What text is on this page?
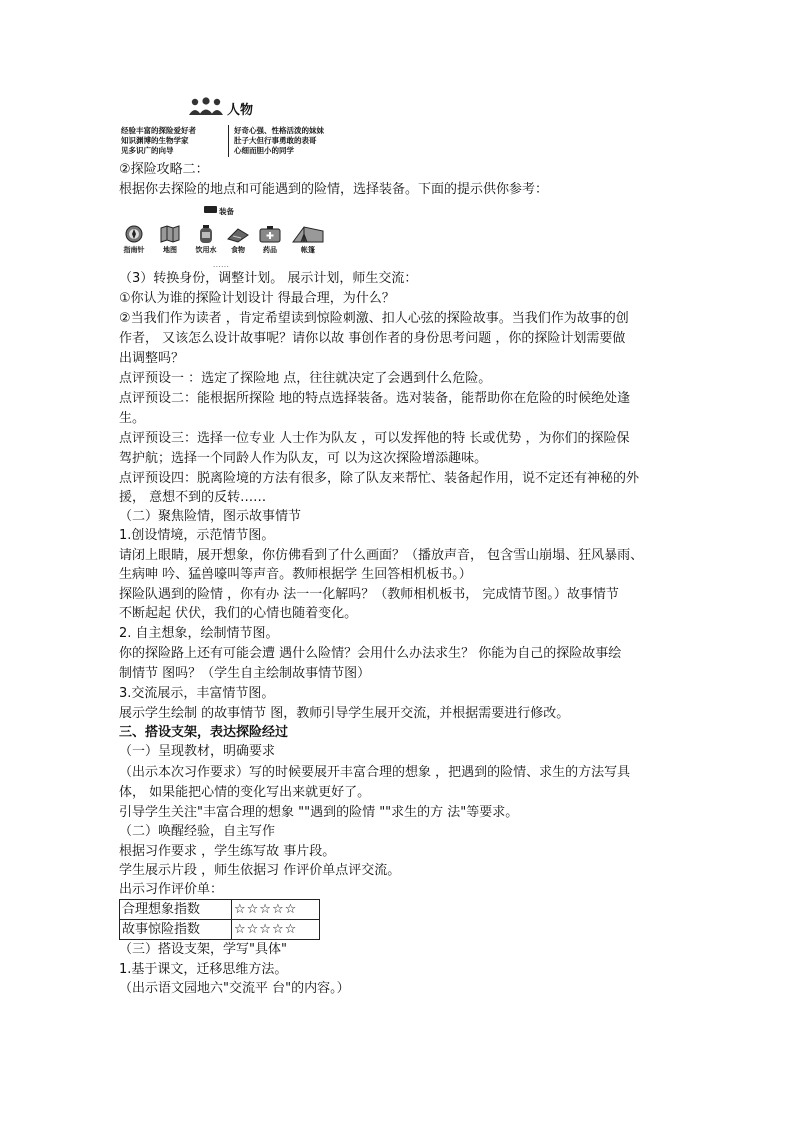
人物
经验丰富的探险爱好者
知识渊博的生物学家
见多识广的向导
好奇心强、性格活泼的妹妹
肚子大但行事勇敢的表哥
心细而胆小的同学
②探险攻略二：
根据你去探险的地点和可能遇到的险情，选择装备。下面的提示供你参考：
装备
指南针	地图	饮用水	食物	药品	帐篷
......
（3）转换身份，调整计划。 展示计划，师生交流：
①你认为谁的探险计划设计 得最合理，为什么？
②当我们作为读者 ，肯定希望读到惊险刺激、扣人心弦的探险故事。当我们作为故事的创
作者， 又该怎么设计故事呢？请你以故 事创作者的身份思考问题 ，你的探险计划需要做
出调整吗？
点评预设一 ：选定了探险地 点，往往就决定了会遇到什么危险。
点评预设二：能根据所探险 地的特点选择装备。选对装备，能帮助你在危险的时候绝处逢
生。
点评预设三：选择一位专业 人士作为队友 ，可以发挥他的特 长或优势 ，为你们的探险保
驾护航；选择一个同龄人作为队友，可 以为这次探险增添趣味。
点评预设四：脱离险境的方法有很多，除了队友来帮忙、装备起作用，说不定还有神秘的外
援， 意想不到的反转……
（二）聚焦险情，图示故事情节
1.创设情境，示范情节图。
请闭上眼睛，展开想象，你仿佛看到了什么画面？（播放声音， 包含雪山崩塌、狂风暴雨、
生病呻 吟、猛兽嚎叫等声音。教师根据学 生回答相机板书。）
探险队遇到的险情 ，你有办 法一一化解吗？（教师相机板书， 完成情节图。）故事情节
不断起起 伏伏，我们的心情也随着变化。
2. 自主想象，绘制情节图。
你的探险路上还有可能会遭 遇什么险情？会用什么办法求生？ 你能为自己的探险故事绘
制情节 图吗？（学生自主绘制故事情节图）
3.交流展示，丰富情节图。
展示学生绘制 的故事情节 图，教师引导学生展开交流，并根据需要进行修改。
三、搭设支架，表达探险经过
（一）呈现教材，明确要求
（出示本次习作要求）写的时候要展开丰富合理的想象 ，把遇到的险情、求生的方法写具
体， 如果能把心情的变化写出来就更好了。
引导学生关注"丰富合理的想象 ""遇到的险情 ""求生的方 法"等要求。
（二）唤醒经验，自主写作
根据习作要求 ，学生练写故 事片段。
学生展示片段 ，师生依据习 作评价单点评交流。
出示习作评价单：
合理想象指数	☆☆☆☆☆
故事惊险指数	☆☆☆☆☆
（三）搭设支架，学写"具体"
1.基于课文，迁移思维方法。
（出示语文园地六"交流平 台"的内容。）
